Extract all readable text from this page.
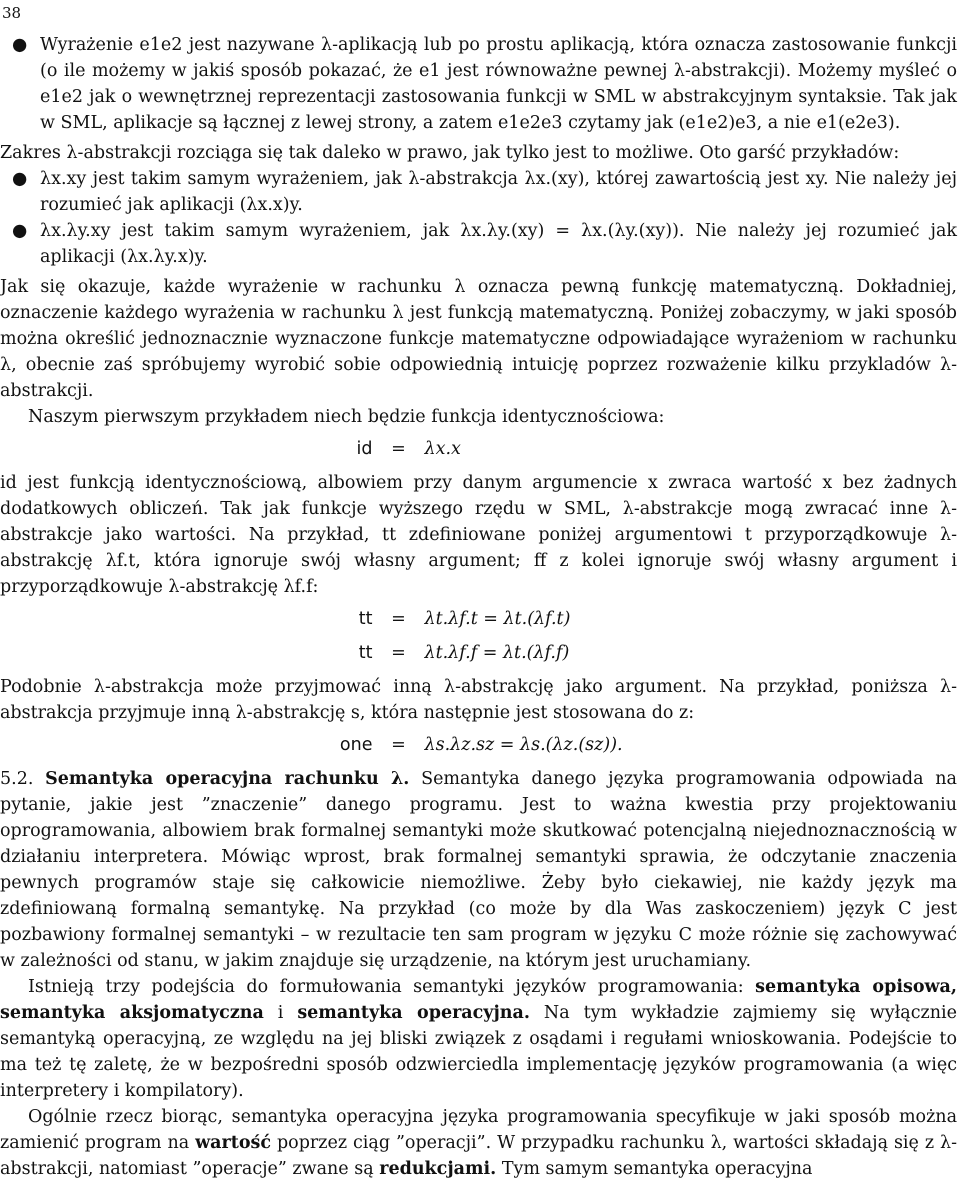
38
● Wyrażenie e1e2 jest nazywane λ-aplikacją lub po prostu aplikacją, która oznacza zastosowanie funkcji (o ile możemy w jakiś sposób pokazać, że e1 jest równoważne pewnej λ-abstrakcji). Możemy myśleć o e1e2 jak o wewnętrznej reprezentacji zastosowania funkcji w SML w abstrakcyjnym syntaksie. Tak jak w SML, aplikacje są łącznej z lewej strony, a zatem e1e2e3 czytamy jak (e1e2)e3, a nie e1(e2e3).

Zakres λ-abstrakcji rozciąga się tak daleko w prawo, jak tylko jest to możliwe. Oto garść przykładów:

● λx.xy jest takim samym wyrażeniem, jak λ-abstrakcja λx.(xy), której zawartością jest xy. Nie należy jej rozumieć jak aplikacji (λx.x)y.
● λx.λy.xy jest takim samym wyrażeniem, jak λx.λy.(xy) = λx.(λy.(xy)). Nie należy jej rozumieć jak aplikacji (λx.λy.x)y.

Jak się okazuje, każde wyrażenie w rachunku λ oznacza pewną funkcję matematyczną. Dokładniej, oznaczenie każdego wyrażenia w rachunku λ jest funkcją matematyczną. Poniżej zobaczymy, w jaki sposób można określić jednoznacznie wyznaczone funkcje matematyczne odpowiadające wyrażeniom w rachunku λ, obecnie zaś spróbujemy wyrobić sobie odpowiednią intuicję poprzez rozważenie kilku przykladów λ-abstrakcji.

Naszym pierwszym przykładem niech będzie funkcja identycznościowa:

id	=	λx.x

id jest funkcją identycznościową, albowiem przy danym argumencie x zwraca wartość x bez żadnych dodatkowych obliczeń. Tak jak funkcje wyższego rzędu w SML, λ-abstrakcje mogą zwracać inne λ-abstrakcje jako wartości. Na przykład, tt zdefiniowane poniżej argumentowi t przyporządkowuje λ-abstrakcję λf.t, która ignoruje swój własny argument; ff z kolei ignoruje swój własny argument i przyporządkowuje λ-abstrakcję λf.f:

tt	=	λt.λf.t = λt.(λf.t)
tt	=	λt.λf.f = λt.(λf.f)

Podobnie λ-abstrakcja może przyjmować inną λ-abstrakcję jako argument. Na przykład, poniższa λ-abstrakcja przyjmuje inną λ-abstrakcję s, która następnie jest stosowana do z:

one	=	λs.λz.sz = λs.(λz.(sz)).

5.2. Semantyka operacyjna rachunku λ. Semantyka danego języka programowania odpowiada na pytanie, jakie jest ”znaczenie” danego programu. Jest to ważna kwestia przy projektowaniu oprogramowania, albowiem brak formalnej semantyki może skutkować potencjalną niejednoznacznością w działaniu interpretera. Mówiąc wprost, brak formalnej semantyki sprawia, że odczytanie znaczenia pewnych programów staje się całkowicie niemożliwe. Żeby było ciekawiej, nie każdy język ma zdefiniowaną formalną semantykę. Na przykład (co może by dla Was zaskoczeniem) język C jest pozbawiony formalnej semantyki – w rezultacie ten sam program w języku C może różnie się zachowywać w zależności od stanu, w jakim znajduje się urządzenie, na którym jest uruchamiany.

Istnieją trzy podejścia do formułowania semantyki języków programowania: semantyka opisowa, semantyka aksjomatyczna i semantyka operacyjna. Na tym wykładzie zajmiemy się wyłącznie semantyką operacyjną, ze względu na jej bliski związek z osądami i regułami wnioskowania. Podejście to ma też tę zaletę, że w bezpośredni sposób odzwierciedla implementację języków programowania (a więc interpretery i kompilatory).

Ogólnie rzecz biorąc, semantyka operacyjna języka programowania specyfikuje w jaki sposób można zamienić program na wartość poprzez ciąg ”operacji”. W przypadku rachunku λ, wartości składają się z λ-abstrakcji, natomiast ”operacje” zwane są redukcjami. Tym samym semantyka operacyjna
